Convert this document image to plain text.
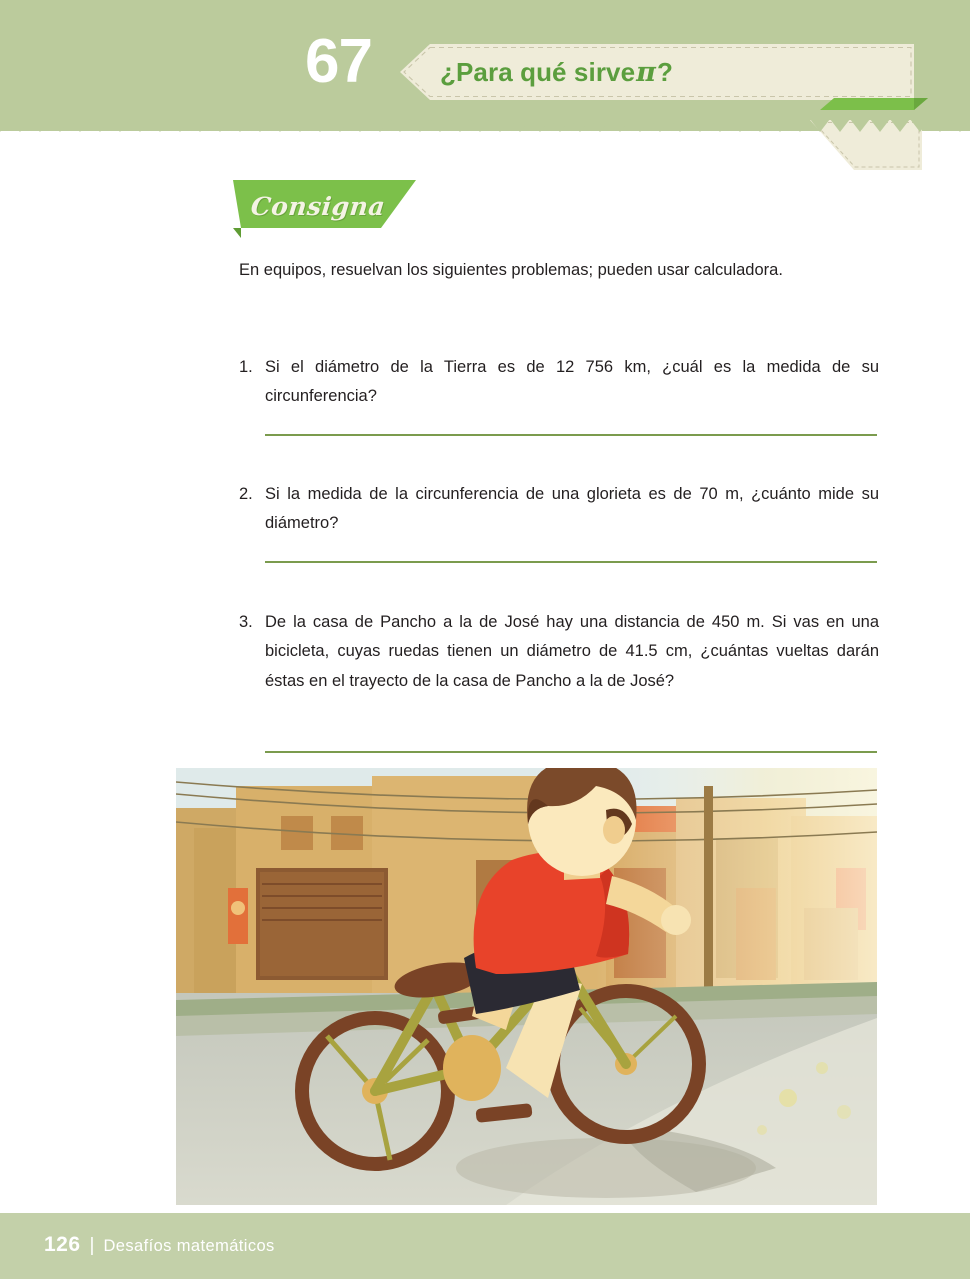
67	¿Para qué sirve π ?
Consigna
En equipos, resuelvan los siguientes problemas; pueden usar calculadora.
1. Si el diámetro de la Tierra es de 12 756 km, ¿cuál es la medida de su circunferencia?
2. Si la medida de la circunferencia de una glorieta es de 70 m, ¿cuánto mide su diámetro?
3. De la casa de Pancho a la de José hay una distancia de 450 m. Si vas en una bicicleta, cuyas ruedas tienen un diámetro de 41.5 cm, ¿cuántas vueltas darán éstas en el trayecto de la casa de Pancho a la de José?
126 | Desafíos matemáticos
